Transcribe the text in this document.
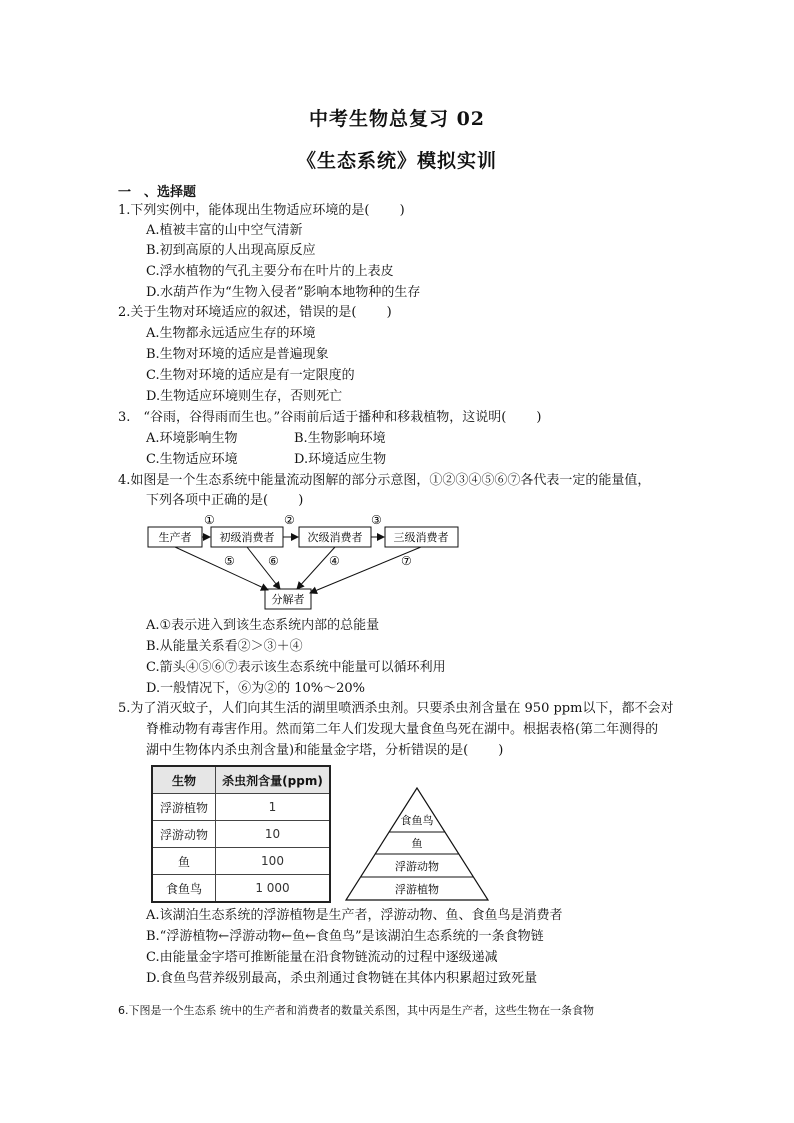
中考生物总复习 02
《生态系统》模拟实训
一　、选择题
1.下列实例中，能体现出生物适应环境的是(　　 )
A.植被丰富的山中空气清新
B.初到高原的人出现高原反应
C.浮水植物的气孔主要分布在叶片的上表皮
D.水葫芦作为“生物入侵者”影响本地物种的生存
2.关于生物对环境适应的叙述，错误的是(　　 )
A.生物都永远适应生存的环境
B.生物对环境的适应是普遍现象
C.生物对环境的适应是有一定限度的
D.生物适应环境则生存，否则死亡
3.　“谷雨，谷得雨而生也。”谷雨前后适于播种和移栽植物，这说明(　　 )
A.环境影响生物	B.生物影响环境
C.生物适应环境	D.环境适应生物
4.如图是一个生态系统中能量流动图解的部分示意图，①②③④⑤⑥⑦各代表一定的能量值，
下列各项中正确的是(　　 )
生产者	初级消费者	次级消费者	三级消费者
分解者
①	②	③
④
⑤	⑥	⑦
A.①表示进入到该生态系统内部的总能量
B.从能量关系看②＞③＋④
C.箭头④⑤⑥⑦表示该生态系统中能量可以循环利用
D.一般情况下，⑥为②的 10%～20%
5.为了消灭蚊子，人们向其生活的湖里喷洒杀虫剂。只要杀虫剂含量在 950 ppm以下，都不会对
脊椎动物有毒害作用。然而第二年人们发现大量食鱼鸟死在湖中。根据表格(第二年测得的
湖中生物体内杀虫剂含量)和能量金字塔，分析错误的是(　　 )
生物	杀虫剂含量(ppm)
浮游植物	1
浮游动物	10
鱼	100
食鱼鸟	1 000
食鱼鸟
鱼
浮游动物
浮游植物
A.该湖泊生态系统的浮游植物是生产者，浮游动物、鱼、食鱼鸟是消费者
B.“浮游植物←浮游动物←鱼←食鱼鸟”是该湖泊生态系统的一条食物链
C.由能量金字塔可推断能量在沿食物链流动的过程中逐级递减
D.食鱼鸟营养级别最高，杀虫剂通过食物链在其体内积累超过致死量
6.下图是一个生态系 统中的生产者和消费者的数量关系图，其中丙是生产者，这些生物在一条食物
